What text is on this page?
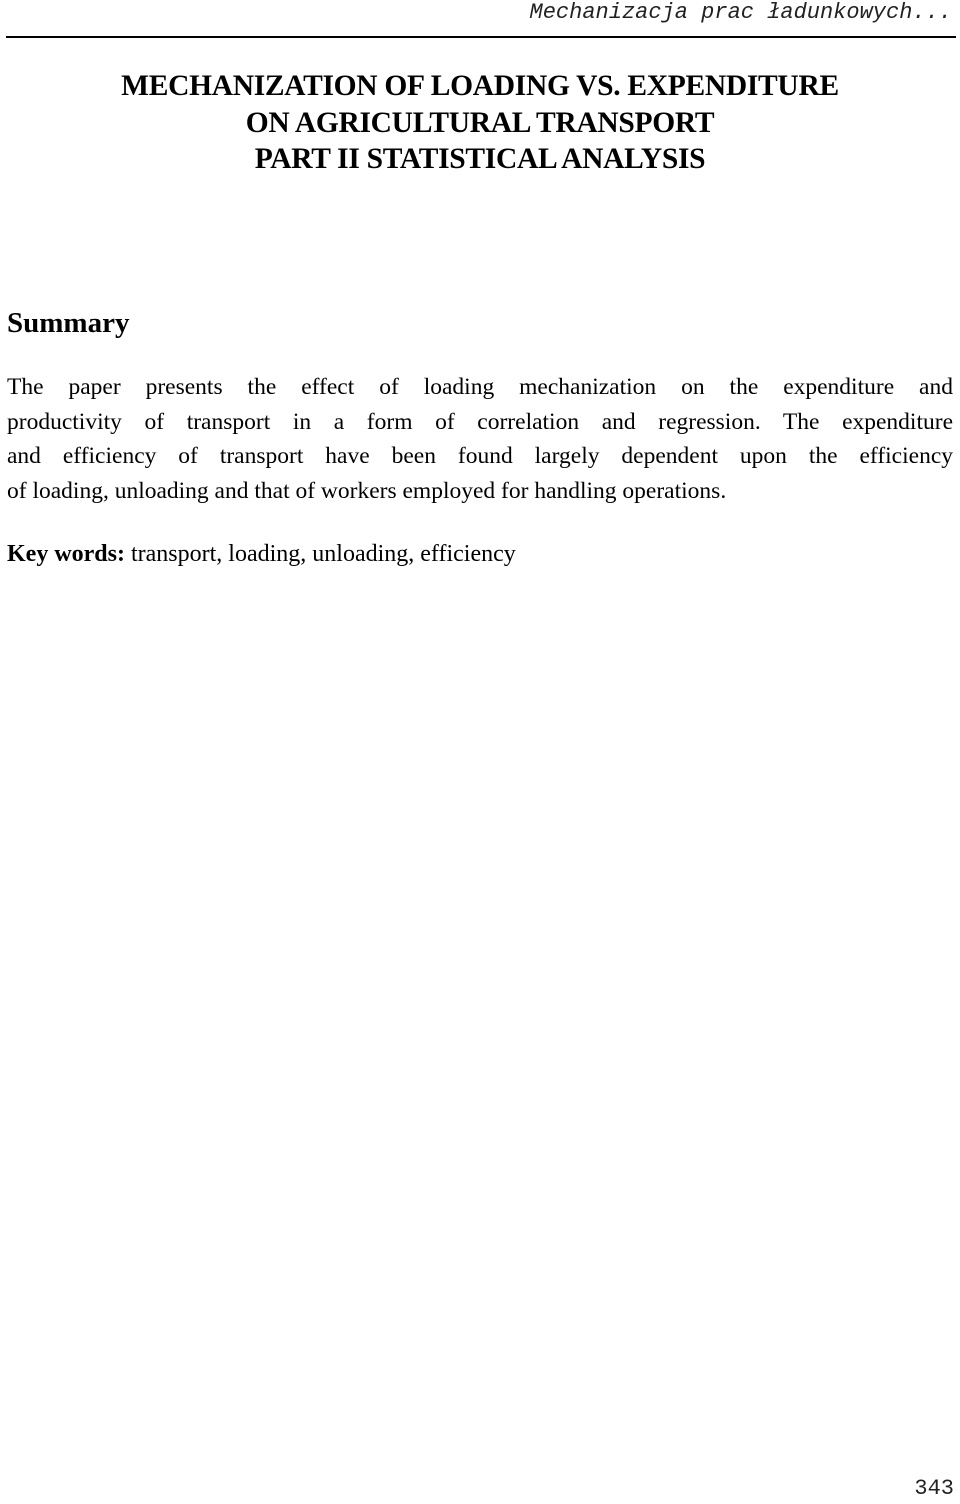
Mechanizacja prac ładunkowych...
MECHANIZATION OF LOADING VS. EXPENDITURE
ON AGRICULTURAL TRANSPORT
PART II STATISTICAL ANALYSIS
Summary

The paper presents the effect of loading mechanization on the expenditure and
productivity of transport in a form of correlation and regression. The expenditure
and efficiency of transport have been found largely dependent upon the efficiency
of loading, unloading and that of workers employed for handling operations.

Key words: transport, loading, unloading, efficiency

343
